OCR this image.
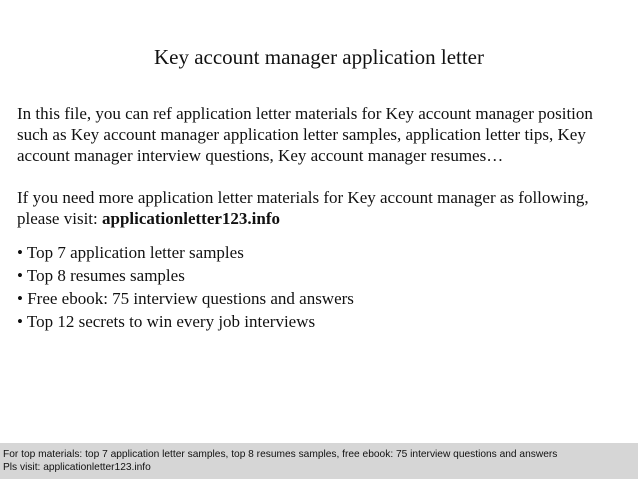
Key account manager application letter
In this file, you can ref application letter materials for Key account manager position
such as Key account manager application letter samples, application letter tips, Key
account manager interview questions, Key account manager resumes…
If you need more application letter materials for Key account manager as following,
please visit: applicationletter123.info
• Top 7 application letter samples
• Top 8 resumes samples
• Free ebook: 75 interview questions and answers
• Top 12 secrets to win every job interviews
For top materials: top 7 application letter samples, top 8 resumes samples, free ebook: 75 interview questions and answers
Pls visit: applicationletter123.info
